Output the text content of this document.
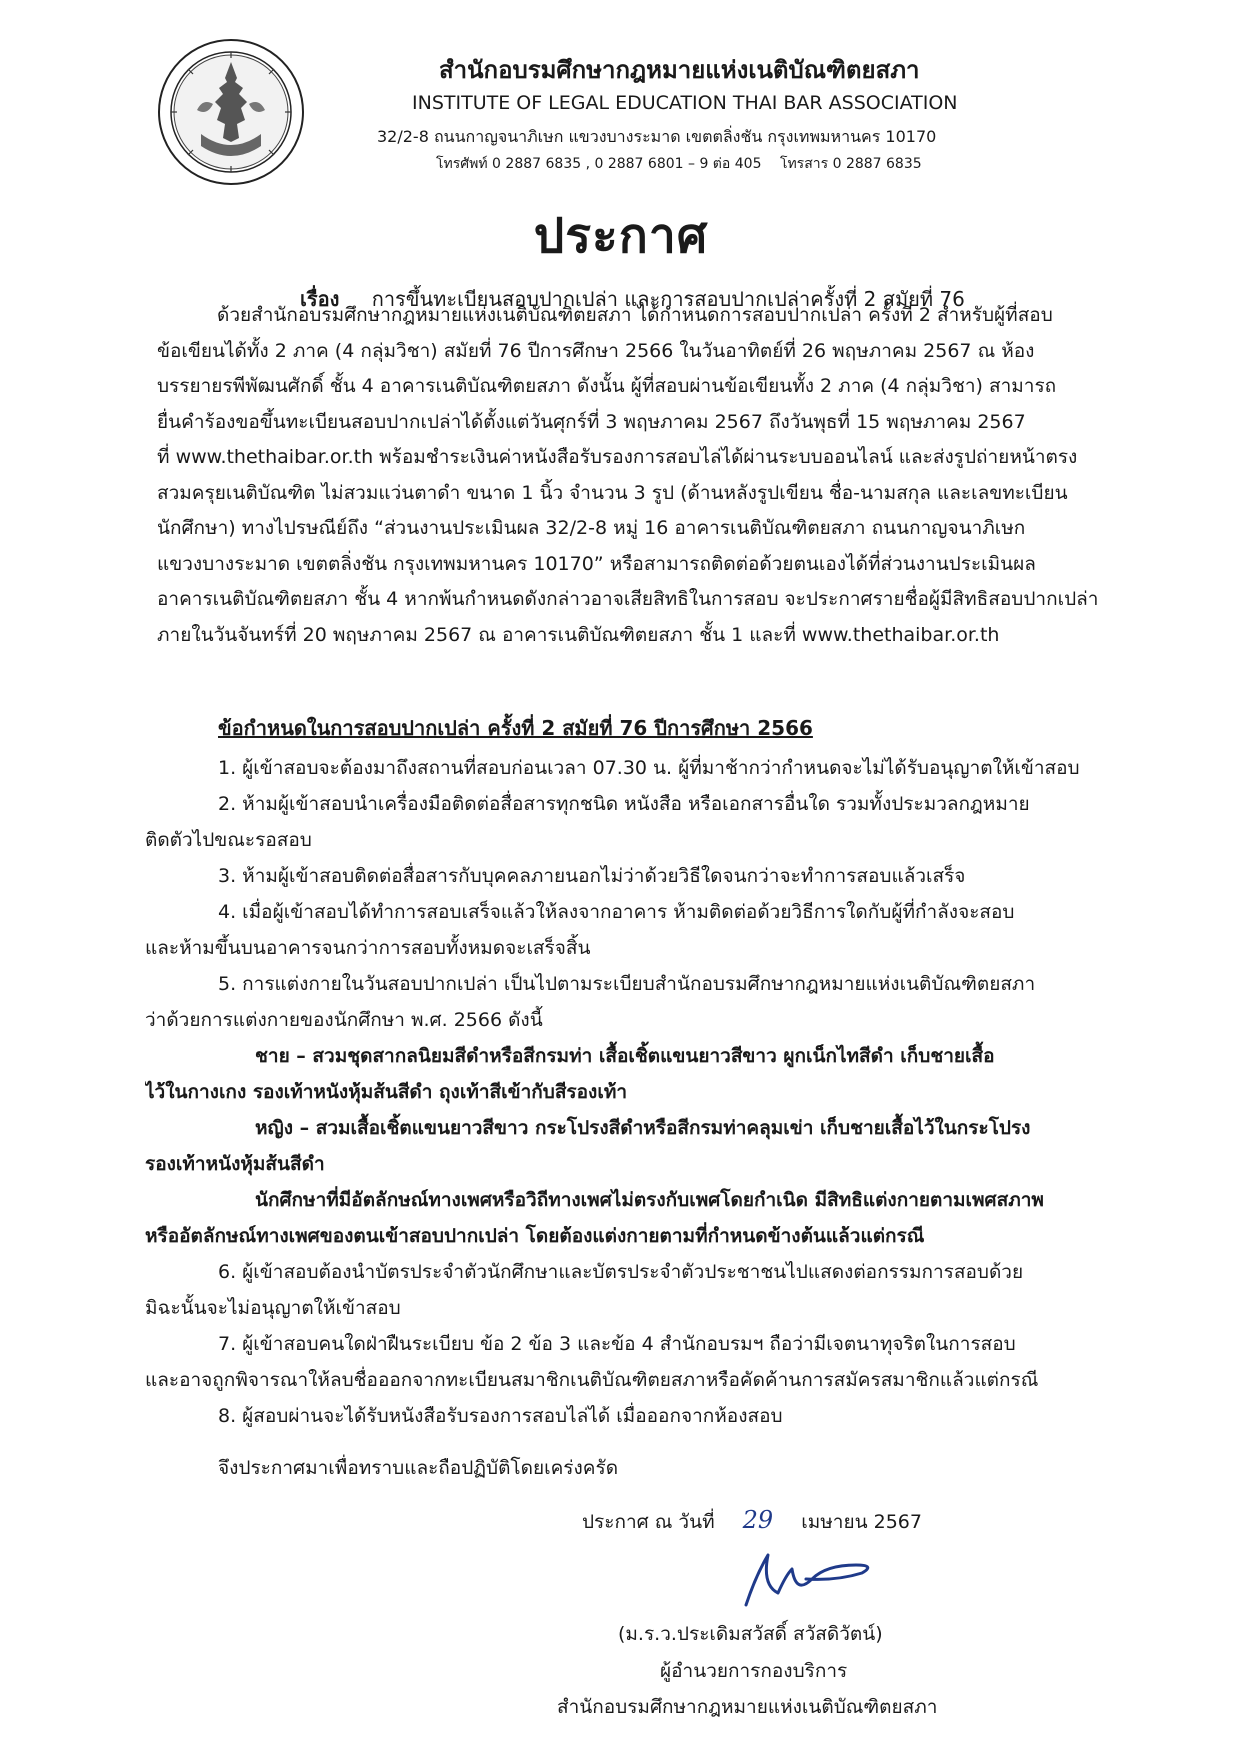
สำนักอบรมศึกษากฎหมายแห่งเนติบัณฑิตยสภา
INSTITUTE OF LEGAL EDUCATION THAI BAR ASSOCIATION
32/2-8 ถนนกาญจนาภิเษก แขวงบางระมาด เขตตลิ่งชัน กรุงเทพมหานคร 10170
โทรศัพท์ 0 2887 6835 , 0 2887 6801 – 9 ต่อ 405 โทรสาร 0 2887 6835
ประกาศ
เรื่อง การขึ้นทะเบียนสอบปากเปล่า และการสอบปากเปล่าครั้งที่ 2 สมัยที่ 76
ด้วยสำนักอบรมศึกษากฎหมายแห่งเนติบัณฑิตยสภา ได้กำหนดการสอบปากเปล่า ครั้งที่ 2 สำหรับผู้ที่สอบ
ข้อเขียนได้ทั้ง 2 ภาค (4 กลุ่มวิชา) สมัยที่ 76 ปีการศึกษา 2566 ในวันอาทิตย์ที่ 26 พฤษภาคม 2567 ณ ห้อง
บรรยายรพีพัฒนศักดิ์ ชั้น 4 อาคารเนติบัณฑิตยสภา ดังนั้น ผู้ที่สอบผ่านข้อเขียนทั้ง 2 ภาค (4 กลุ่มวิชา) สามารถ
ยื่นคำร้องขอขึ้นทะเบียนสอบปากเปล่าได้ตั้งแต่วันศุกร์ที่ 3 พฤษภาคม 2567 ถึงวันพุธที่ 15 พฤษภาคม 2567
ที่ www.thethaibar.or.th พร้อมชำระเงินค่าหนังสือรับรองการสอบไล่ได้ผ่านระบบออนไลน์ และส่งรูปถ่ายหน้าตรง
สวมครุยเนติบัณฑิต ไม่สวมแว่นตาดำ ขนาด 1 นิ้ว จำนวน 3 รูป (ด้านหลังรูปเขียน ชื่อ-นามสกุล และเลขทะเบียน
นักศึกษา) ทางไปรษณีย์ถึง “ส่วนงานประเมินผล 32/2-8 หมู่ 16 อาคารเนติบัณฑิตยสภา ถนนกาญจนาภิเษก
แขวงบางระมาด เขตตลิ่งชัน กรุงเทพมหานคร 10170” หรือสามารถติดต่อด้วยตนเองได้ที่ส่วนงานประเมินผล
อาคารเนติบัณฑิตยสภา ชั้น 4 หากพ้นกำหนดดังกล่าวอาจเสียสิทธิในการสอบ จะประกาศรายชื่อผู้มีสิทธิสอบปากเปล่า
ภายในวันจันทร์ที่ 20 พฤษภาคม 2567 ณ อาคารเนติบัณฑิตยสภา ชั้น 1 และที่ www.thethaibar.or.th
ข้อกำหนดในการสอบปากเปล่า ครั้งที่ 2 สมัยที่ 76 ปีการศึกษา 2566
1. ผู้เข้าสอบจะต้องมาถึงสถานที่สอบก่อนเวลา 07.30 น. ผู้ที่มาช้ากว่ากำหนดจะไม่ได้รับอนุญาตให้เข้าสอบ
2. ห้ามผู้เข้าสอบนำเครื่องมือติดต่อสื่อสารทุกชนิด หนังสือ หรือเอกสารอื่นใด รวมทั้งประมวลกฎหมาย
ติดตัวไปขณะรอสอบ
3. ห้ามผู้เข้าสอบติดต่อสื่อสารกับบุคคลภายนอกไม่ว่าด้วยวิธีใดจนกว่าจะทำการสอบแล้วเสร็จ
4. เมื่อผู้เข้าสอบได้ทำการสอบเสร็จแล้วให้ลงจากอาคาร ห้ามติดต่อด้วยวิธีการใดกับผู้ที่กำลังจะสอบ
และห้ามขึ้นบนอาคารจนกว่าการสอบทั้งหมดจะเสร็จสิ้น
5. การแต่งกายในวันสอบปากเปล่า เป็นไปตามระเบียบสำนักอบรมศึกษากฎหมายแห่งเนติบัณฑิตยสภา
ว่าด้วยการแต่งกายของนักศึกษา พ.ศ. 2566 ดังนี้
ชาย – สวมชุดสากลนิยมสีดำหรือสีกรมท่า เสื้อเชิ้ตแขนยาวสีขาว ผูกเน็กไทสีดำ เก็บชายเสื้อ
ไว้ในกางเกง รองเท้าหนังหุ้มส้นสีดำ ถุงเท้าสีเข้ากับสีรองเท้า
หญิง – สวมเสื้อเชิ้ตแขนยาวสีขาว กระโปรงสีดำหรือสีกรมท่าคลุมเข่า เก็บชายเสื้อไว้ในกระโปรง
รองเท้าหนังหุ้มส้นสีดำ
นักศึกษาที่มีอัตลักษณ์ทางเพศหรือวิถีทางเพศไม่ตรงกับเพศโดยกำเนิด มีสิทธิแต่งกายตามเพศสภาพ
หรืออัตลักษณ์ทางเพศของตนเข้าสอบปากเปล่า โดยต้องแต่งกายตามที่กำหนดข้างต้นแล้วแต่กรณี
6. ผู้เข้าสอบต้องนำบัตรประจำตัวนักศึกษาและบัตรประจำตัวประชาชนไปแสดงต่อกรรมการสอบด้วย
มิฉะนั้นจะไม่อนุญาตให้เข้าสอบ
7. ผู้เข้าสอบคนใดฝ่าฝืนระเบียบ ข้อ 2 ข้อ 3 และข้อ 4 สำนักอบรมฯ ถือว่ามีเจตนาทุจริตในการสอบ
และอาจถูกพิจารณาให้ลบชื่อออกจากทะเบียนสมาชิกเนติบัณฑิตยสภาหรือคัดค้านการสมัครสมาชิกแล้วแต่กรณี
8. ผู้สอบผ่านจะได้รับหนังสือรับรองการสอบไล่ได้ เมื่อออกจากห้องสอบ
จึงประกาศมาเพื่อทราบและถือปฏิบัติโดยเคร่งครัด
ประกาศ ณ วันที่ 29 เมษายน 2567
(ม.ร.ว.ประเดิมสวัสดิ์ สวัสดิวัตน์)
ผู้อำนวยการกองบริการ
สำนักอบรมศึกษากฎหมายแห่งเนติบัณฑิตยสภา
